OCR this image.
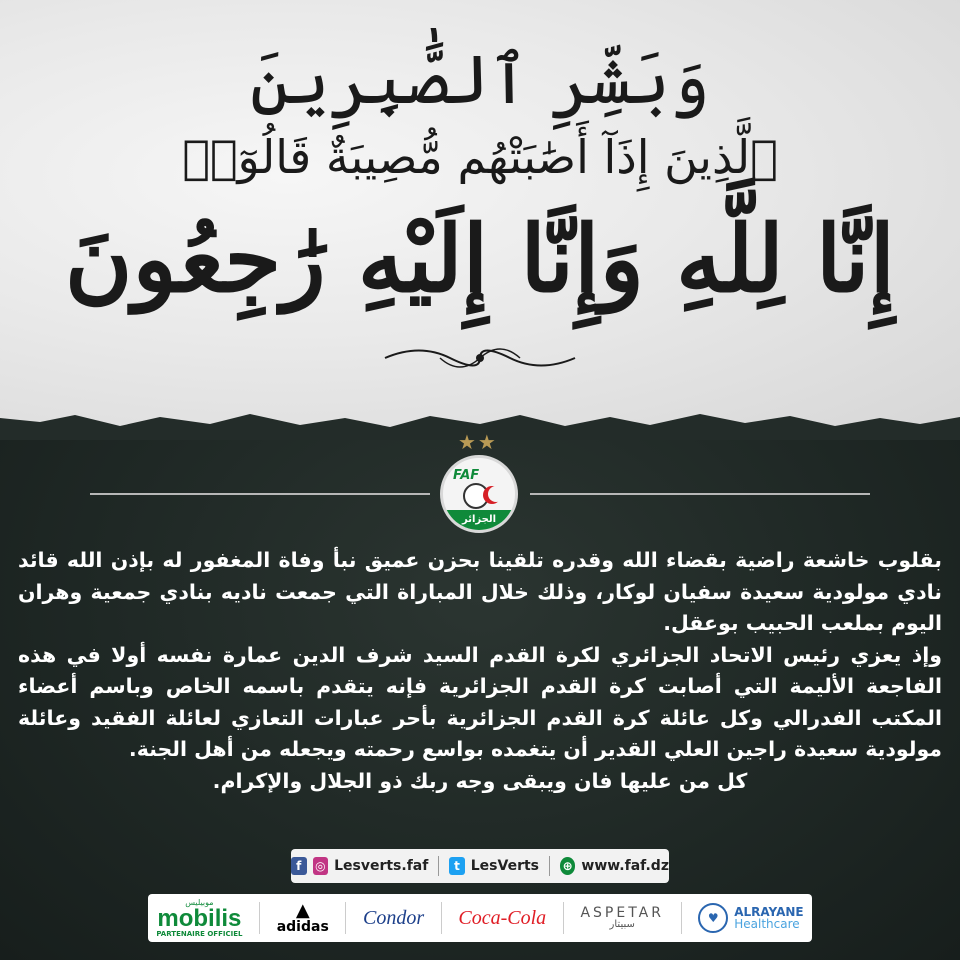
وَبَشِّرِ ٱلصَّٰبِرِينَ
ٱلَّذِينَ إِذَآ أَصَٰبَتْهُم مُّصِيبَةٌ قَالُوٓا۟
إِنَّا لِلَّهِ وَإِنَّا إِلَيْهِ رَٰجِعُونَ
★★
FAF
الجزائر

بقلوب خاشعة راضية بقضاء الله وقدره تلقينا بحزن عميق نبأ وفاة المغفور له بإذن الله قائد نادي مولودية سعيدة سفيان لوكار، وذلك خلال المباراة التي جمعت ناديه بنادي جمعية وهران اليوم بملعب الحبيب بوعقل.

وإذ يعزي رئيس الاتحاد الجزائري لكرة القدم السيد شرف الدين عمارة نفسه أولا في هذه الفاجعة الأليمة التي أصابت كرة القدم الجزائرية فإنه يتقدم باسمه الخاص وباسم أعضاء المكتب الفدرالي وكل عائلة كرة القدم الجزائرية بأحر عبارات التعازي لعائلة الفقيد وعائلة مولودية سعيدة راجين العلي القدير أن يتغمده بواسع رحمته ويجعله من أهل الجنة.

كل من عليها فان ويبقى وجه ربك ذو الجلال والإكرام.

f	◎ Lesverts.faf	t LesVerts ⊕ www.faf.dz
موبيليس
mobilis
PARTENAIRE OFFICIEL
▲
adidas Condor Coca-Cola ASPETAR
سبيتار	♥	ALRAYANE
Healthcare
